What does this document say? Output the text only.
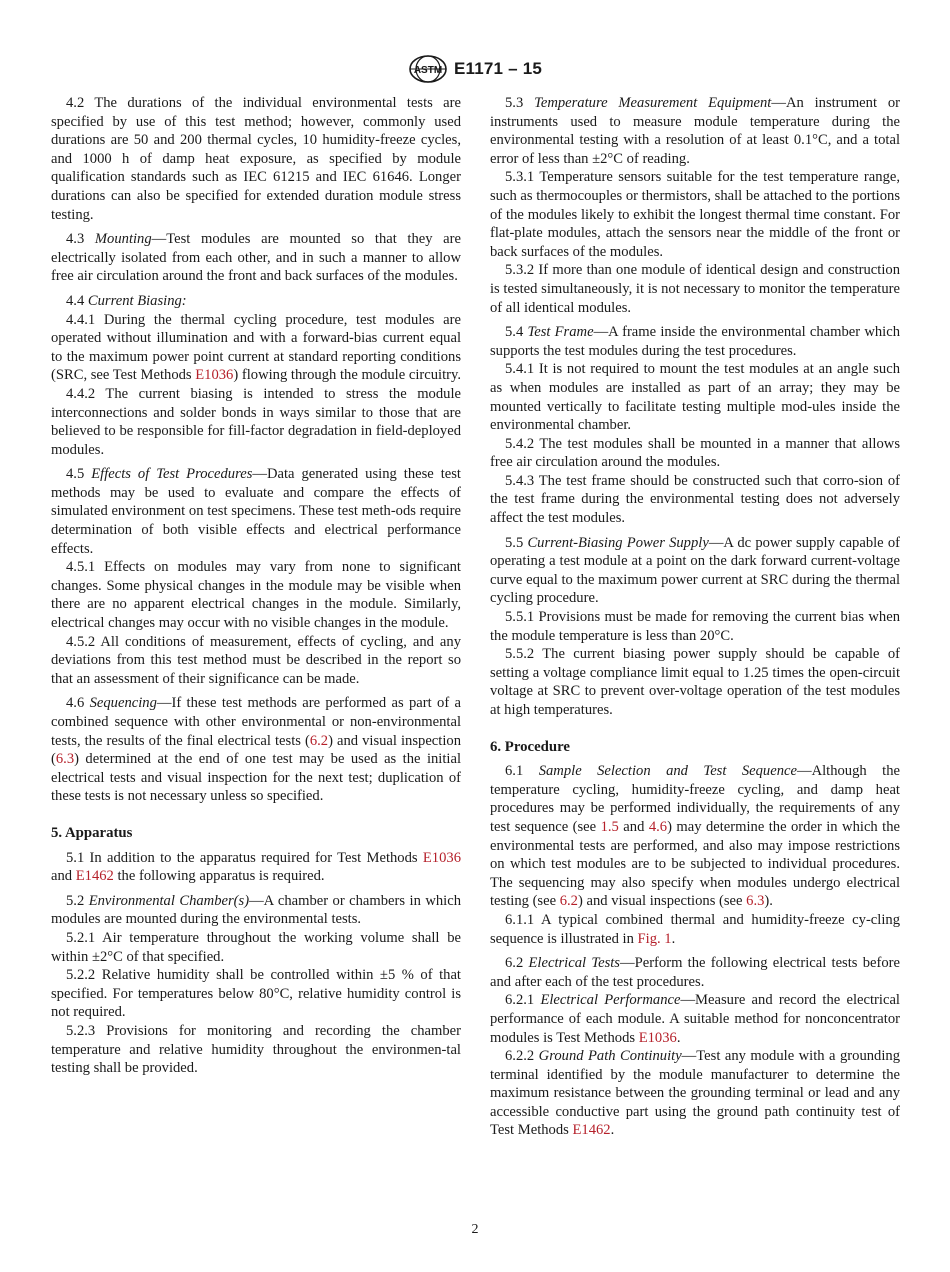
ASTM E1171 – 15

4.2 The durations of the individual environmental tests are specified by use of this test method; however, commonly used durations are 50 and 200 thermal cycles, 10 humidity-freeze cycles, and 1000 h of damp heat exposure, as specified by module qualification standards such as IEC 61215 and IEC 61646. Longer durations can also be specified for extended duration module stress testing.

4.3 Mounting—Test modules are mounted so that they are electrically isolated from each other, and in such a manner to allow free air circulation around the front and back surfaces of the modules.

4.4 Current Biasing:

4.4.1 During the thermal cycling procedure, test modules are operated without illumination and with a forward-bias current equal to the maximum power point current at standard reporting conditions (SRC, see Test Methods E1036) flowing through the module circuitry.

4.4.2 The current biasing is intended to stress the module interconnections and solder bonds in ways similar to those that are believed to be responsible for fill-factor degradation in field-deployed modules.

4.5 Effects of Test Procedures—Data generated using these test methods may be used to evaluate and compare the effects of simulated environment on test specimens. These test meth-ods require determination of both visible effects and electrical performance effects.

4.5.1 Effects on modules may vary from none to significant changes. Some physical changes in the module may be visible when there are no apparent electrical changes in the module. Similarly, electrical changes may occur with no visible changes in the module.

4.5.2 All conditions of measurement, effects of cycling, and any deviations from this test method must be described in the report so that an assessment of their significance can be made.

4.6 Sequencing—If these test methods are performed as part of a combined sequence with other environmental or non-environmental tests, the results of the final electrical tests (6.2) and visual inspection (6.3) determined at the end of one test may be used as the initial electrical tests and visual inspection for the next test; duplication of these tests is not necessary unless so specified.

5. Apparatus

5.1 In addition to the apparatus required for Test Methods E1036 and E1462 the following apparatus is required.

5.2 Environmental Chamber(s)—A chamber or chambers in which modules are mounted during the environmental tests.

5.2.1 Air temperature throughout the working volume shall be within ±2°C of that specified.

5.2.2 Relative humidity shall be controlled within ±5 % of that specified. For temperatures below 80°C, relative humidity control is not required.

5.2.3 Provisions for monitoring and recording the chamber temperature and relative humidity throughout the environmen-tal testing shall be provided.

5.3 Temperature Measurement Equipment—An instrument or instruments used to measure module temperature during the environmental testing with a resolution of at least 0.1°C, and a total error of less than ±2°C of reading.

5.3.1 Temperature sensors suitable for the test temperature range, such as thermocouples or thermistors, shall be attached to the portions of the modules likely to exhibit the longest thermal time constant. For flat-plate modules, attach the sensors near the middle of the front or back surfaces of the modules.

5.3.2 If more than one module of identical design and construction is tested simultaneously, it is not necessary to monitor the temperature of all identical modules.

5.4 Test Frame—A frame inside the environmental chamber which supports the test modules during the test procedures.

5.4.1 It is not required to mount the test modules at an angle such as when modules are installed as part of an array; they may be mounted vertically to facilitate testing multiple mod-ules inside the environmental chamber.

5.4.2 The test modules shall be mounted in a manner that allows free air circulation around the modules.

5.4.3 The test frame should be constructed such that corro-sion of the test frame during the environmental testing does not adversely affect the test modules.

5.5 Current-Biasing Power Supply—A dc power supply capable of operating a test module at a point on the dark forward current-voltage curve equal to the maximum power current at SRC during the thermal cycling procedure.

5.5.1 Provisions must be made for removing the current bias when the module temperature is less than 20°C.

5.5.2 The current biasing power supply should be capable of setting a voltage compliance limit equal to 1.25 times the open-circuit voltage at SRC to prevent over-voltage operation of the test modules at high temperatures.

6. Procedure

6.1 Sample Selection and Test Sequence—Although the temperature cycling, humidity-freeze cycling, and damp heat procedures may be performed individually, the requirements of any test sequence (see 1.5 and 4.6) may determine the order in which the environmental tests are performed, and also may impose restrictions on which test modules are to be subjected to individual procedures. The sequencing may also specify when modules undergo electrical testing (see 6.2) and visual inspections (see 6.3).

6.1.1 A typical combined thermal and humidity-freeze cy-cling sequence is illustrated in Fig. 1.

6.2 Electrical Tests—Perform the following electrical tests before and after each of the test procedures.

6.2.1 Electrical Performance—Measure and record the electrical performance of each module. A suitable method for nonconcentrator modules is Test Methods E1036.

6.2.2 Ground Path Continuity—Test any module with a grounding terminal identified by the module manufacturer to determine the maximum resistance between the grounding terminal or lead and any accessible conductive part using the ground path continuity test of Test Methods E1462.

2
